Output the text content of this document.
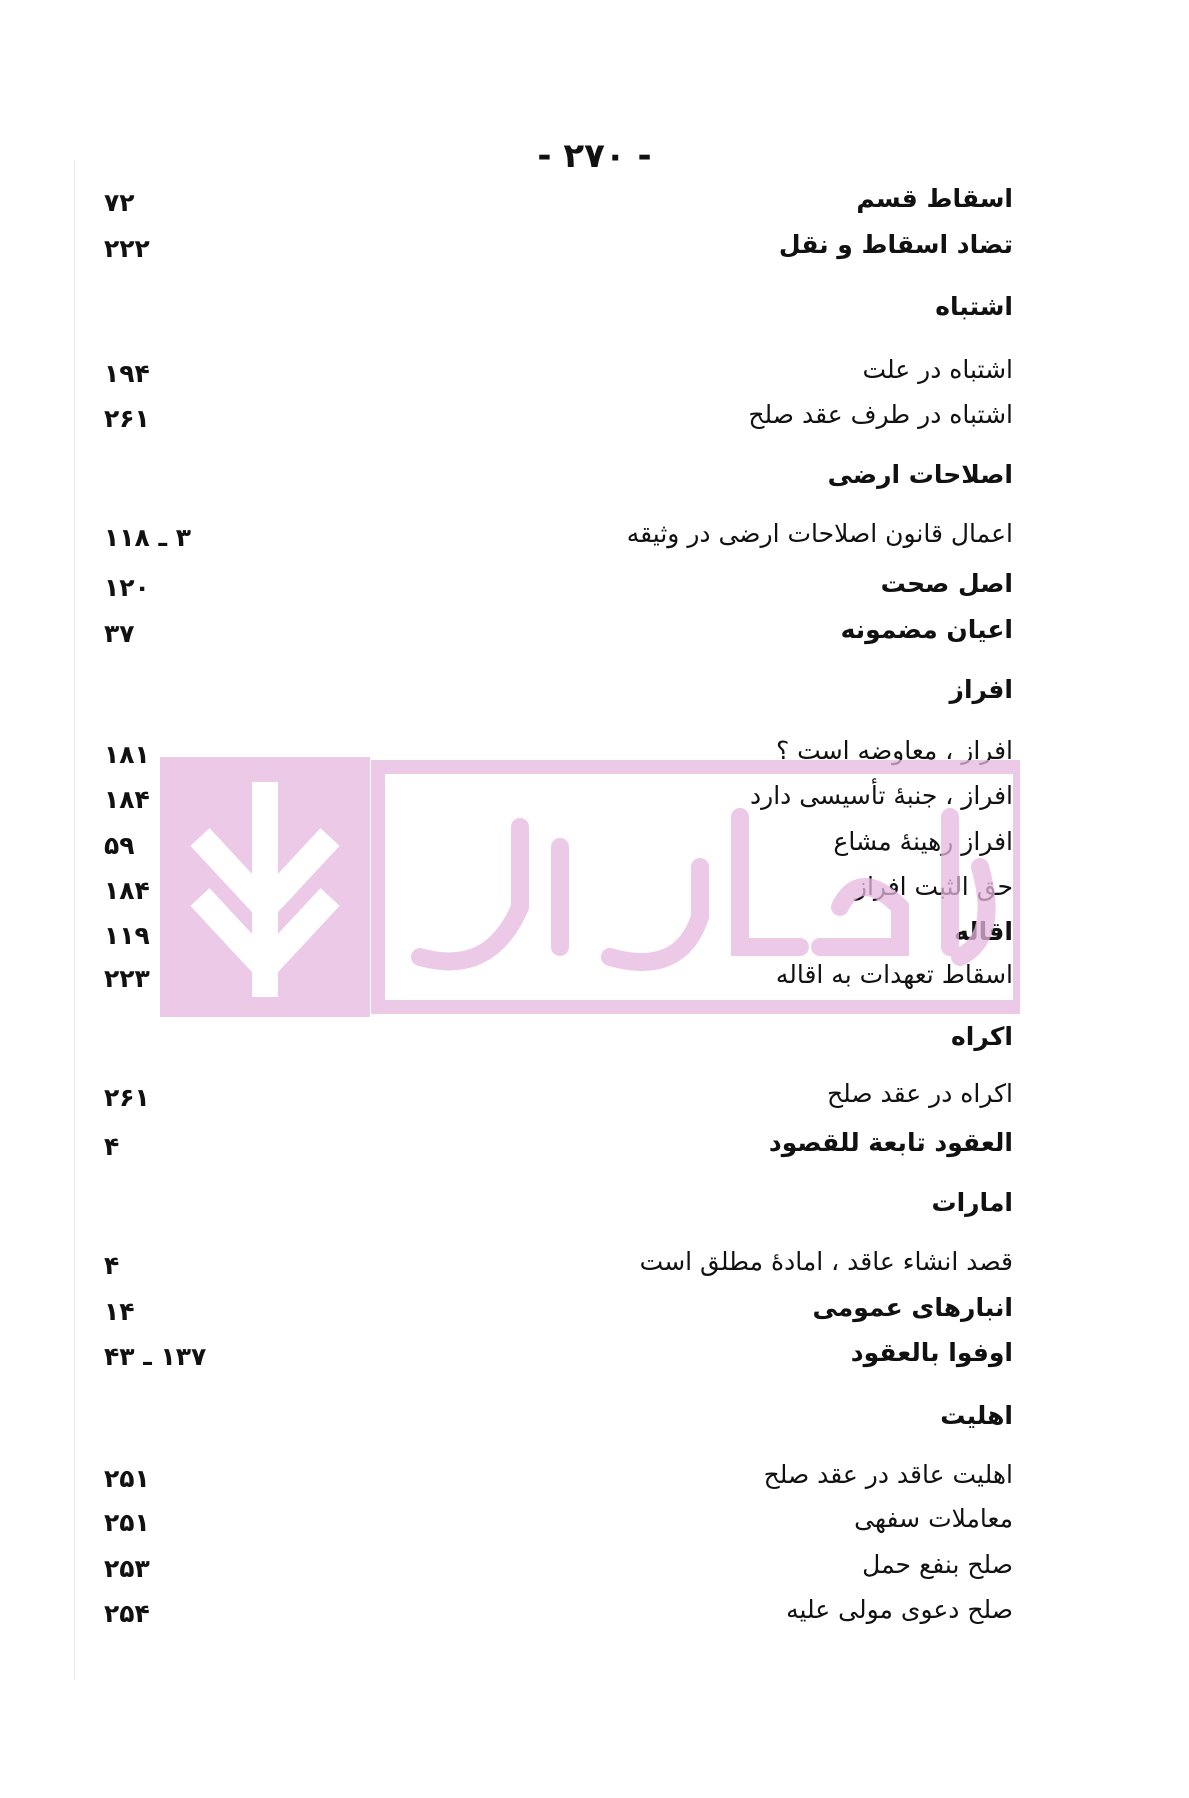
- ۲۷۰ -
اسقاط قسم
۷۲
تضاد اسقاط و نقل
۲۲۲
اشتباه
اشتباه در علت
۱۹۴
اشتباه در طرف عقد صلح
۲۶۱
اصلاحات ارضی
اعمال قانون اصلاحات ارضی در وثیقه
۳ ـ ۱۱۸
اصل صحت
۱۲۰
اعیان مضمونه
۳۷
افراز
افراز ، معاوضه است ؟
۱۸۱
افراز ، جنبهٔ تأسیسی دارد
۱۸۴
افراز رهینهٔ مشاع
۵۹
حق الثبت افراز
۱۸۴
اقاله
۱۱۹
اسقاط تعهدات به اقاله
۲۲۳
اکراه
اکراه در عقد صلح
۲۶۱
العقود تابعة للقصود
۴
امارات
قصد انشاء عاقد ، امادهٔ مطلق است
۴
انبارهای عمومی
۱۴
اوفوا بالعقود
۱۳۷ ـ ۴۳
اهلیت
اهلیت عاقد در عقد صلح
۲۵۱
معاملات سفهی
۲۵۱
صلح بنفع حمل
۲۵۳
صلح دعوی مولی علیه
۲۵۴
